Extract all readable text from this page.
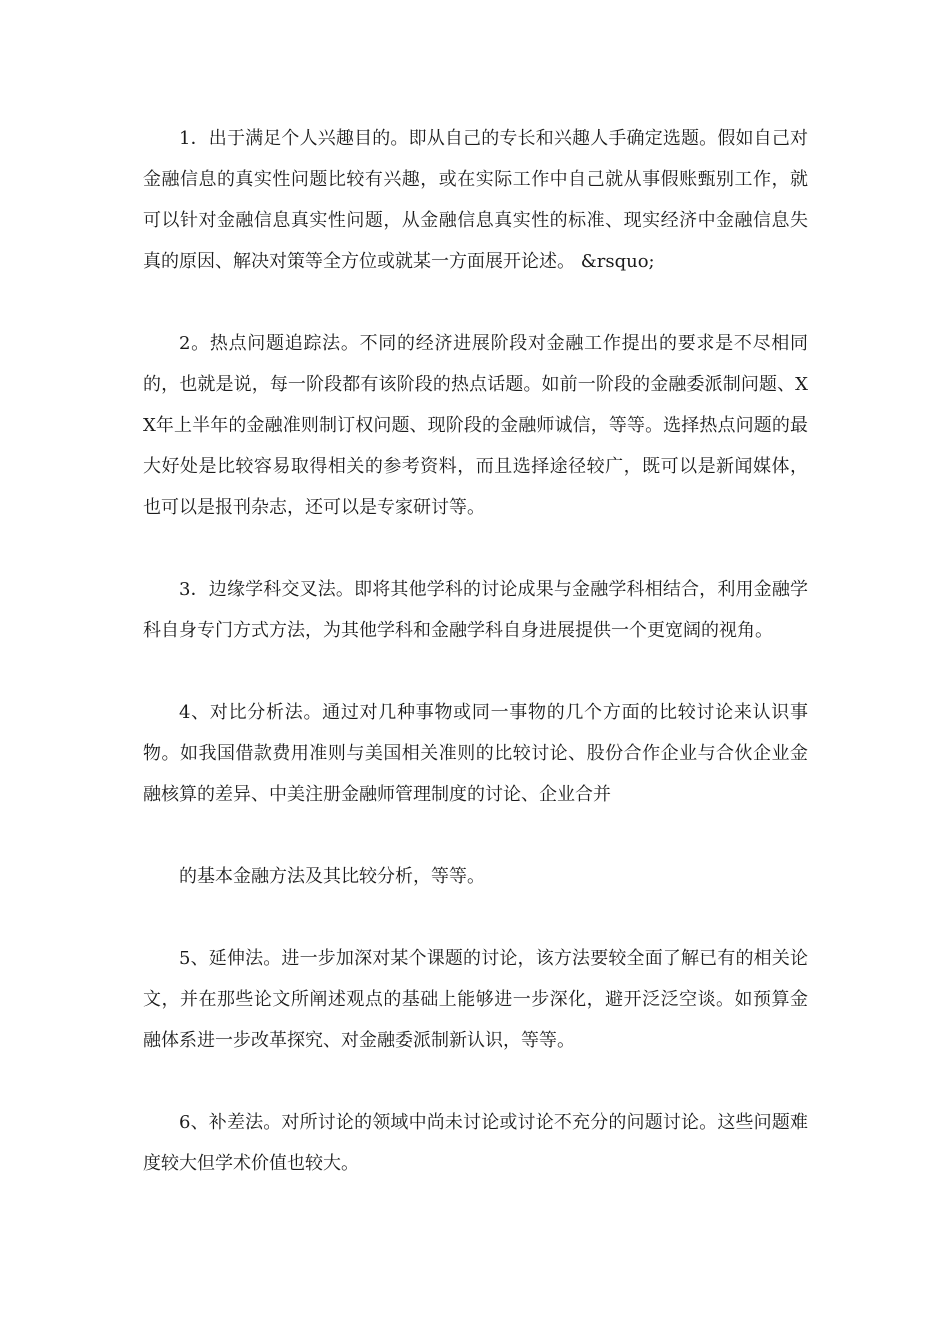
1．出于满足个人兴趣目的。即从自己的专长和兴趣人手确定选题。假如自己对金融信息的真实性问题比较有兴趣，或在实际工作中自己就从事假账甄别工作，就可以针对金融信息真实性问题，从金融信息真实性的标准、现实经济中金融信息失真的原因、解决对策等全方位或就某一方面展开论述。 &rsquo;

2。热点问题追踪法。不同的经济进展阶段对金融工作提出的要求是不尽相同的，也就是说，每一阶段都有该阶段的热点话题。如前一阶段的金融委派制问题、XX年上半年的金融准则制订权问题、现阶段的金融师诚信，等等。选择热点问题的最大好处是比较容易取得相关的参考资料，而且选择途径较广，既可以是新闻媒体，也可以是报刊杂志，还可以是专家研讨等。

3．边缘学科交叉法。即将其他学科的讨论成果与金融学科相结合，利用金融学科自身专门方式方法，为其他学科和金融学科自身进展提供一个更宽阔的视角。

4、对比分析法。通过对几种事物或同一事物的几个方面的比较讨论来认识事物。如我国借款费用准则与美国相关准则的比较讨论、股份合作企业与合伙企业金融核算的差异、中美注册金融师管理制度的讨论、企业合并

的基本金融方法及其比较分析，等等。

5、延伸法。进一步加深对某个课题的讨论，该方法要较全面了解已有的相关论文，并在那些论文所阐述观点的基础上能够进一步深化，避开泛泛空谈。如预算金融体系进一步改革探究、对金融委派制新认识，等等。

6、补差法。对所讨论的领域中尚未讨论或讨论不充分的问题讨论。这些问题难度较大但学术价值也较大。
